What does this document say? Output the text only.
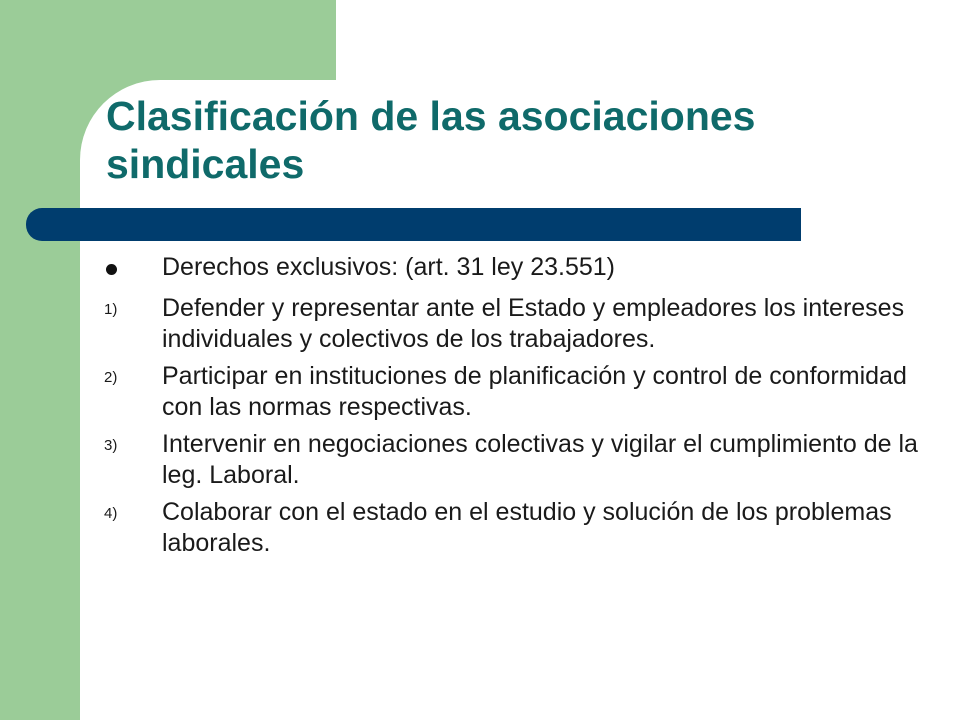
Clasificación de las asociaciones
sindicales
Derechos exclusivos: (art. 31 ley 23.551)
1) Defender y representar ante el Estado y empleadores los intereses individuales y colectivos de los trabajadores.
2) Participar en instituciones de planificación y control de conformidad con las normas respectivas.
3) Intervenir en negociaciones colectivas y vigilar el cumplimiento de la leg. Laboral.
4) Colaborar con el estado en el estudio y solución de los problemas laborales.
